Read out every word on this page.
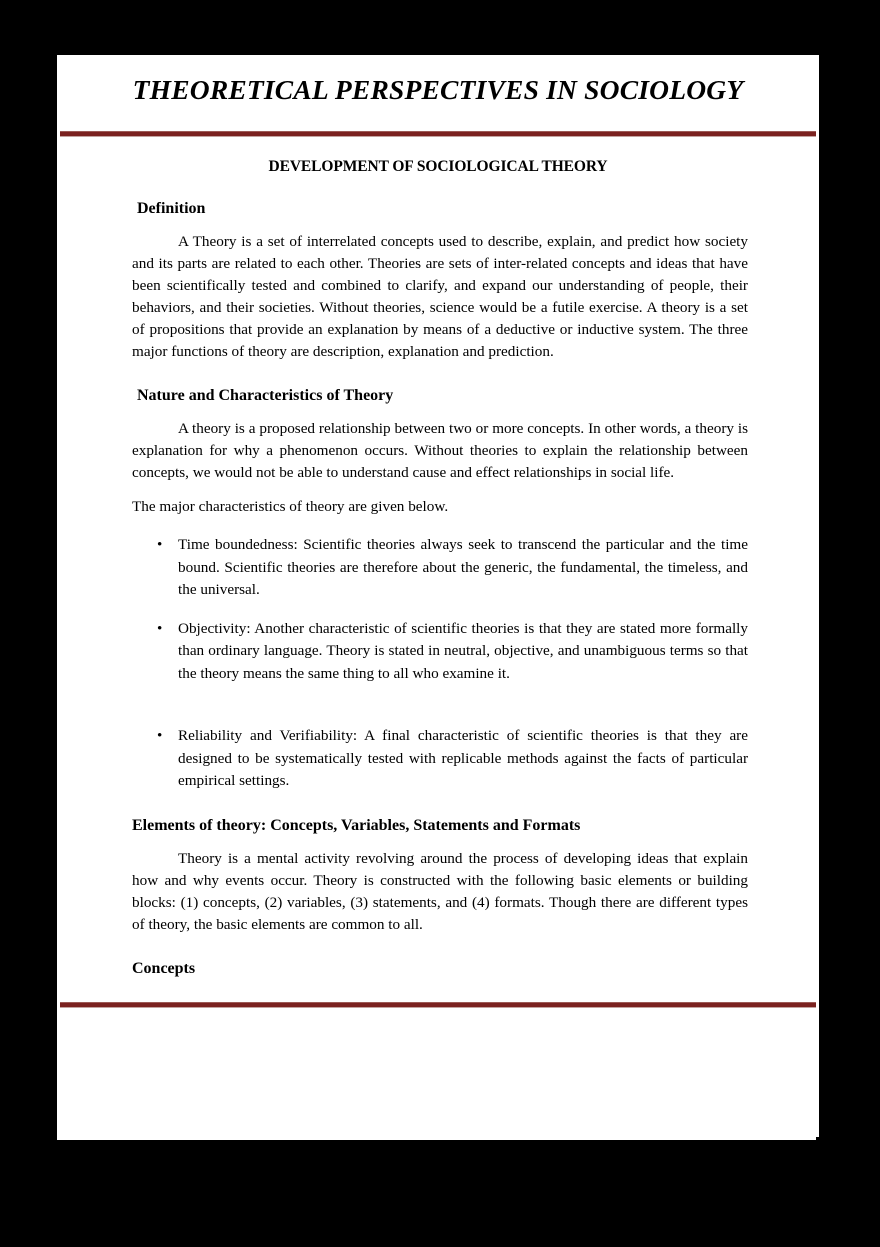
THEORETICAL PERSPECTIVES IN SOCIOLOGY
DEVELOPMENT OF SOCIOLOGICAL THEORY
Definition

A Theory is a set of interrelated concepts used to describe, explain, and predict how society and its parts are related to each other. Theories are sets of inter-related concepts and ideas that have been scientifically tested and combined to clarify, and expand our understanding of people, their behaviors, and their societies. Without theories, science would be a futile exercise. A theory is a set of propositions that provide an explanation by means of a deductive or inductive system. The three major functions of theory are description, explanation and prediction.

Nature and Characteristics of Theory

A theory is a proposed relationship between two or more concepts. In other words, a theory is explanation for why a phenomenon occurs. Without theories to explain the relationship between concepts, we would not be able to understand cause and effect relationships in social life.

The major characteristics of theory are given below.

• Time boundedness: Scientific theories always seek to transcend the particular and the time bound. Scientific theories are therefore about the generic, the fundamental, the timeless, and the universal.
• Objectivity: Another characteristic of scientific theories is that they are stated more formally than ordinary language. Theory is stated in neutral, objective, and unambiguous terms so that the theory means the same thing to all who examine it.
• Reliability and Verifiability: A final characteristic of scientific theories is that they are designed to be systematically tested with replicable methods against the facts of particular empirical settings.
Elements of theory: Concepts, Variables, Statements and Formats

Theory is a mental activity revolving around the process of developing ideas that explain how and why events occur. Theory is constructed with the following basic elements or building blocks: (1) concepts, (2) variables, (3) statements, and (4) formats. Though there are different types of theory, the basic elements are common to all.

Concepts
